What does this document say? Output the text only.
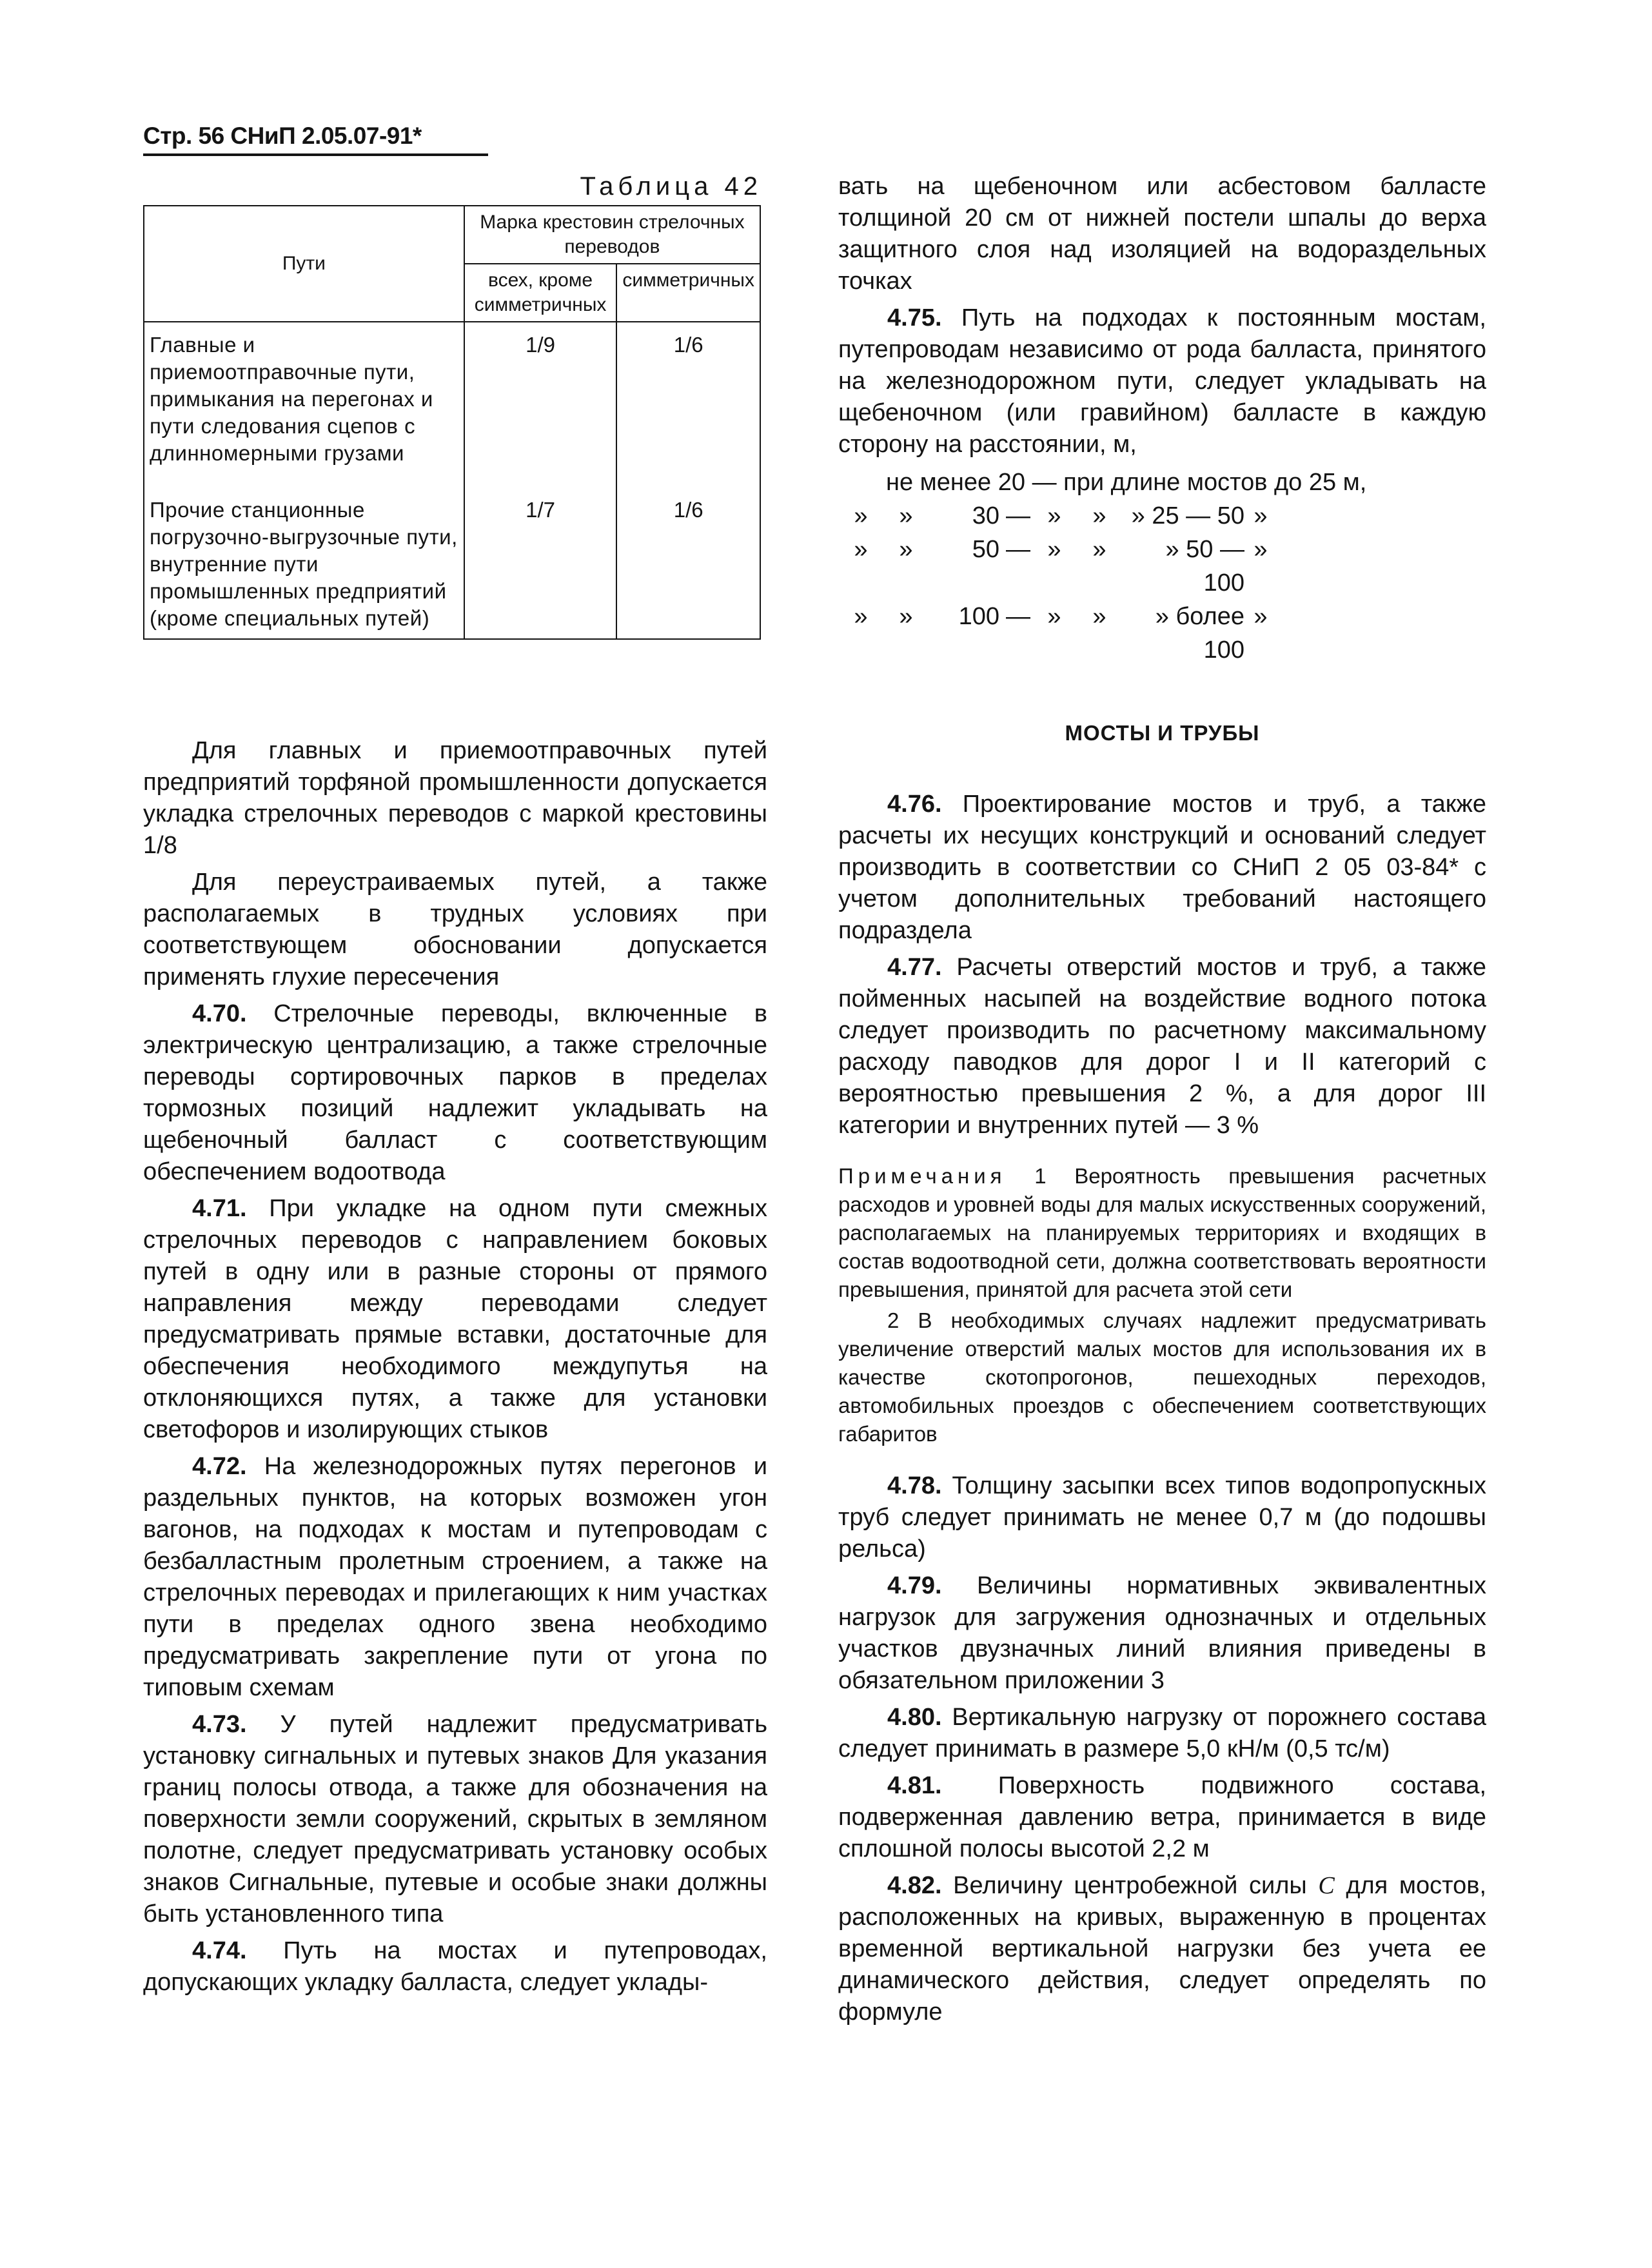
Стр. 56 СНиП 2.05.07-91*
Таблица 42
Пути	Марка крестовин стрелочных переводов	
	всех, кроме симметричных	симметричных
Главные и приемоотправочные пути, примыкания на перегонах и пути следования сцепов с длинномерными грузами	1/9	1/6
Прочие станционные погрузочно-выгрузочные пути, внутренние пути промышленных предприятий (кроме специальных путей)	1/7	1/6

Для главных и приемоотправочных путей предприятий торфяной промышленности допускается укладка стрелочных переводов с маркой крестовины 1/8

Для переустраиваемых путей, а также располагаемых в трудных условиях при соответствующем обосновании допускается применять глухие пересечения

4.70. Стрелочные переводы, включенные в электрическую централизацию, а также стрелочные переводы сортировочных парков в пределах тормозных позиций надлежит укладывать на щебеночный балласт с соответствующим обеспечением водоотвода

4.71. При укладке на одном пути смежных стрелочных переводов с направлением боковых путей в одну или в разные стороны от прямого направления между переводами следует предусматривать прямые вставки, достаточные для обеспечения необходимого междупутья на отклоняющихся путях, а также для установки светофоров и изолирующих стыков

4.72. На железнодорожных путях перегонов и раздельных пунктов, на которых возможен угон вагонов, на подходах к мостам и путепроводам с безбалластным пролетным строением, а также на стрелочных переводах и прилегающих к ним участках пути в пределах одного звена необходимо предусматривать закрепление пути от угона по типовым схемам

4.73. У путей надлежит предусматривать установку сигнальных и путевых знаков Для указания границ полосы отвода, а также для обозначения на поверхности земли сооружений, скрытых в земляном полотне, следует предусматривать установку особых знаков Сигнальные, путевые и особые знаки должны быть установленного типа

4.74. Путь на мостах и путепроводах, допускающих укладку балласта, следует уклады-

вать на щебеночном или асбестовом балласте толщиной 20 см от нижней постели шпалы до верха защитного слоя над изоляцией на водораздельных точках

4.75. Путь на подходах к постоянным мостам, путепроводам независимо от рода балласта, принятого на железнодорожном пути, следует укладывать на щебеночном (или гравийном) балласте в каждую сторону на расстоянии, м,

не менее 20 — при длине мостов до 25 м,
»	»	30 — »	»	» 25 — 50 »
»	»	50 — »	»	» 50 — 100
»
»	»	100 — »	»	» более 100
»
МОСТЫ И ТРУБЫ

4.76. Проектирование мостов и труб, а также расчеты их несущих конструкций и оснований следует производить в соответствии со СНиП 2 05 03-84* с учетом дополнительных требований настоящего подраздела

4.77. Расчеты отверстий мостов и труб, а также пойменных насыпей на воздействие водного потока следует производить по расчетному максимальному расходу паводков для дорог I и II категорий с вероятностью превышения 2 %, а для дорог III категории и внутренних путей — 3 %

Примечания 1 Вероятность превышения расчетных расходов и уровней воды для малых искусственных сооружений, располагаемых на планируемых территориях и входящих в состав водоотводной сети, должна соответствовать вероятности превышения, принятой для расчета этой сети

2 В необходимых случаях надлежит предусматривать увеличение отверстий малых мостов для использования их в качестве скотопрогонов, пешеходных переходов, автомобильных проездов с обеспечением соответствующих габаритов

4.78. Толщину засыпки всех типов водопропускных труб следует принимать не менее 0,7 м (до подошвы рельса)

4.79. Величины нормативных эквивалентных нагрузок для загружения однозначных и отдельных участков двузначных линий влияния приведены в обязательном приложении 3

4.80. Вертикальную нагрузку от порожнего состава следует принимать в размере 5,0 кН/м (0,5 тс/м)

4.81. Поверхность подвижного состава, подверженная давлению ветра, принимается в виде сплошной полосы высотой 2,2 м

4.82. Величину центробежной силы C для мостов, расположенных на кривых, выраженную в процентах временной вертикальной нагрузки без учета ее динамического действия, следует определять по формуле
